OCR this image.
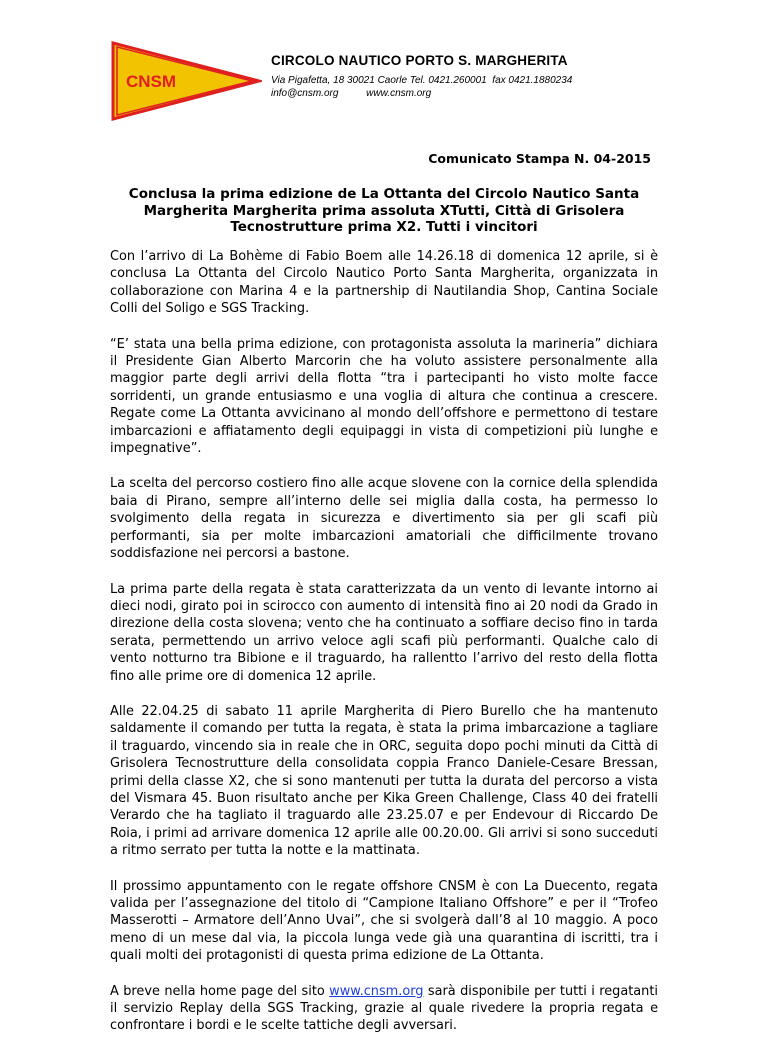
CNSM
CIRCOLO NAUTICO PORTO S. MARGHERITA
Via Pigafetta, 18 30021 Caorle Tel. 0421.260001  fax 0421.1880234
info@cnsm.org          www.cnsm.org
Comunicato Stampa N. 04-2015
Conclusa la prima edizione de La Ottanta del Circolo Nautico Santa Margherita Margherita prima assoluta XTutti, Città di Grisolera Tecnostrutture prima X2. Tutti i vincitori

Con l’arrivo di La Bohème di Fabio Boem alle 14.26.18 di domenica 12 aprile, si è conclusa La Ottanta del Circolo Nautico Porto Santa Margherita, organizzata in collaborazione con Marina 4 e la partnership di Nautilandia Shop, Cantina Sociale Colli del Soligo e SGS Tracking.

“E’ stata una bella prima edizione, con protagonista assoluta la marineria” dichiara il Presidente Gian Alberto Marcorin che ha voluto assistere personalmente alla maggior parte degli arrivi della flotta “tra i partecipanti ho visto molte facce sorridenti, un grande entusiasmo e una voglia di altura che continua a crescere. Regate come La Ottanta avvicinano al mondo dell’offshore e permettono di testare imbarcazioni e affiatamento degli equipaggi in vista di competizioni più lunghe e impegnative”.

La scelta del percorso costiero fino alle acque slovene con la cornice della splendida baia di Pirano, sempre all’interno delle sei miglia dalla costa, ha permesso lo svolgimento della regata in sicurezza e divertimento sia per gli scafi più performanti, sia per molte imbarcazioni amatoriali che difficilmente trovano soddisfazione nei percorsi a bastone.

La prima parte della regata è stata caratterizzata da un vento di levante intorno ai dieci nodi, girato poi in scirocco con aumento di intensità fino ai 20 nodi da Grado in direzione della costa slovena; vento che ha continuato a soffiare deciso fino in tarda serata, permettendo un arrivo veloce agli scafi più performanti. Qualche calo di vento notturno tra Bibione e il traguardo, ha rallentto l’arrivo del resto della flotta fino alle prime ore di domenica 12 aprile.

Alle 22.04.25 di sabato 11 aprile Margherita di Piero Burello che ha mantenuto saldamente il comando per tutta la regata, è stata la prima imbarcazione a tagliare il traguardo, vincendo sia in reale che in ORC, seguita dopo pochi minuti da Città di Grisolera Tecnostrutture della consolidata coppia Franco Daniele-Cesare Bressan, primi della classe X2, che si sono mantenuti per tutta la durata del percorso a vista del Vismara 45. Buon risultato anche per Kika Green Challenge, Class 40 dei fratelli Verardo che ha tagliato il traguardo alle 23.25.07 e per Endevour di Riccardo De Roia, i primi ad arrivare domenica 12 aprile alle 00.20.00. Gli arrivi si sono succeduti a ritmo serrato per tutta la notte e la mattinata.

Il prossimo appuntamento con le regate offshore CNSM è con La Duecento, regata valida per l’assegnazione del titolo di “Campione Italiano Offshore” e per il “Trofeo Masserotti – Armatore dell’Anno Uvai”, che si svolgerà dall’8 al 10 maggio. A poco meno di un mese dal via, la piccola lunga vede già una quarantina di iscritti, tra i quali molti dei protagonisti di questa prima edizione de La Ottanta.

A breve nella home page del sito www.cnsm.org sarà disponibile per tutti i regatanti il servizio Replay della SGS Tracking, grazie al quale rivedere la propria regata e confrontare i bordi e le scelte tattiche degli avversari.
